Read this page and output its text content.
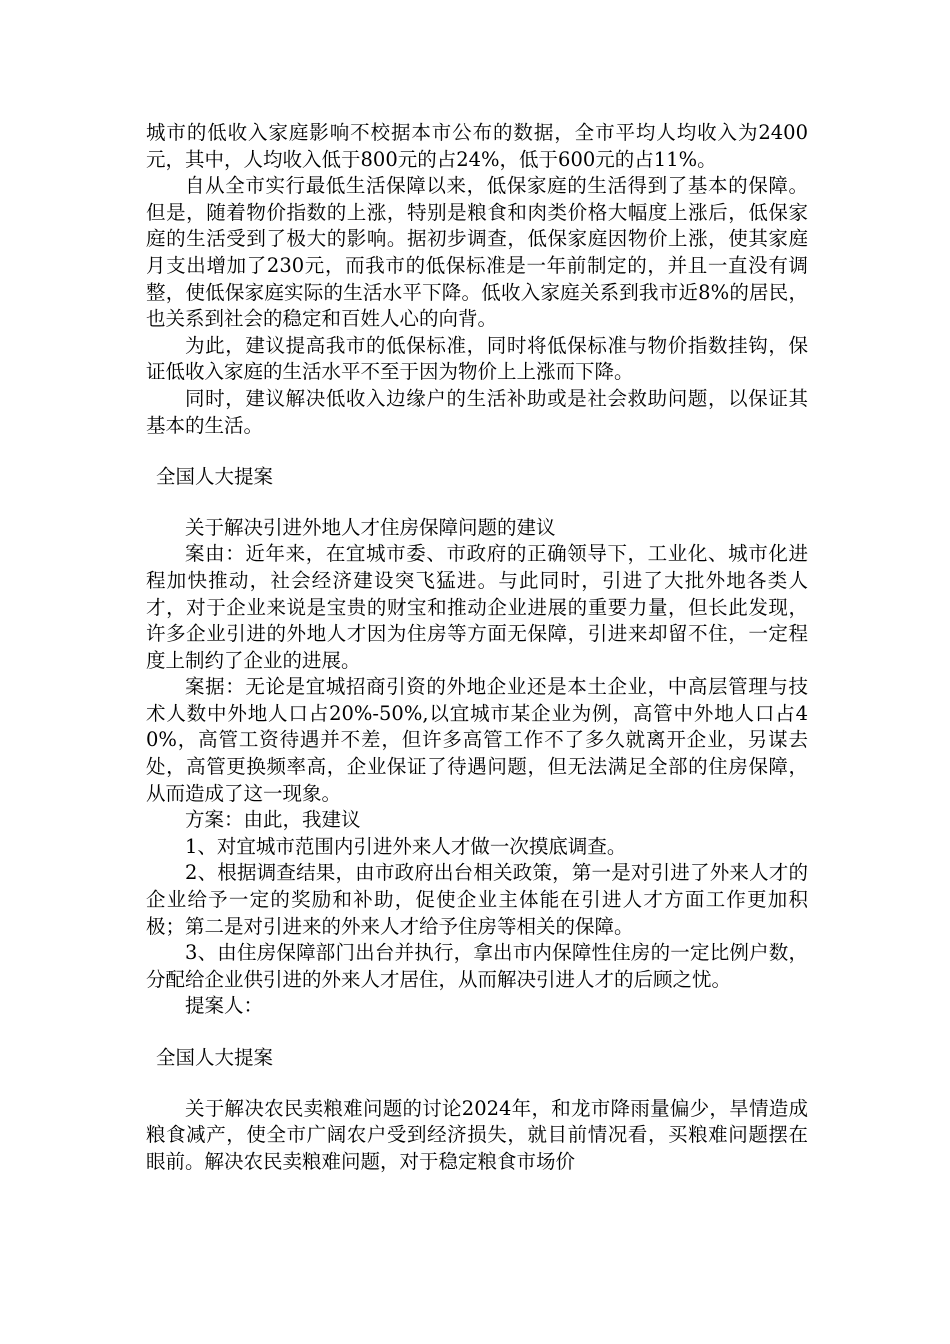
城市的低收入家庭影响不校据本市公布的数据，全市平均人均收入为2400元，其中，人均收入低于800元的占24%，低于600元的占11%。

自从全市实行最低生活保障以来，低保家庭的生活得到了基本的保障。但是，随着物价指数的上涨，特别是粮食和肉类价格大幅度上涨后，低保家庭的生活受到了极大的影响。据初步调查，低保家庭因物价上涨，使其家庭月支出增加了230元，而我市的低保标准是一年前制定的，并且一直没有调整，使低保家庭实际的生活水平下降。低收入家庭关系到我市近8%的居民，也关系到社会的稳定和百姓人心的向背。

为此，建议提高我市的低保标准，同时将低保标准与物价指数挂钩，保证低收入家庭的生活水平不至于因为物价上上涨而下降。

同时，建议解决低收入边缘户的生活补助或是社会救助问题，以保证其基本的生活。

全国人大提案

关于解决引进外地人才住房保障问题的建议

案由：近年来，在宜城市委、市政府的正确领导下，工业化、城市化进程加快推动，社会经济建设突飞猛进。与此同时，引进了大批外地各类人才，对于企业来说是宝贵的财宝和推动企业进展的重要力量，但长此发现，许多企业引进的外地人才因为住房等方面无保障，引进来却留不住，一定程度上制约了企业的进展。

案据：无论是宜城招商引资的外地企业还是本土企业，中高层管理与技术人数中外地人口占20%-50%,以宜城市某企业为例，高管中外地人口占40%，高管工资待遇并不差，但许多高管工作不了多久就离开企业，另谋去处，高管更换频率高，企业保证了待遇问题，但无法满足全部的住房保障，从而造成了这一现象。

方案：由此，我建议

1、对宜城市范围内引进外来人才做一次摸底调查。

2、根据调查结果，由市政府出台相关政策，第一是对引进了外来人才的企业给予一定的奖励和补助，促使企业主体能在引进人才方面工作更加积极；第二是对引进来的外来人才给予住房等相关的保障。

3、由住房保障部门出台并执行，拿出市内保障性住房的一定比例户数，分配给企业供引进的外来人才居住，从而解决引进人才的后顾之忧。

提案人：

全国人大提案

关于解决农民卖粮难问题的讨论2024年，和龙市降雨量偏少，旱情造成粮食减产，使全市广阔农户受到经济损失，就目前情况看，买粮难问题摆在眼前。解决农民卖粮难问题，对于稳定粮食市场价
